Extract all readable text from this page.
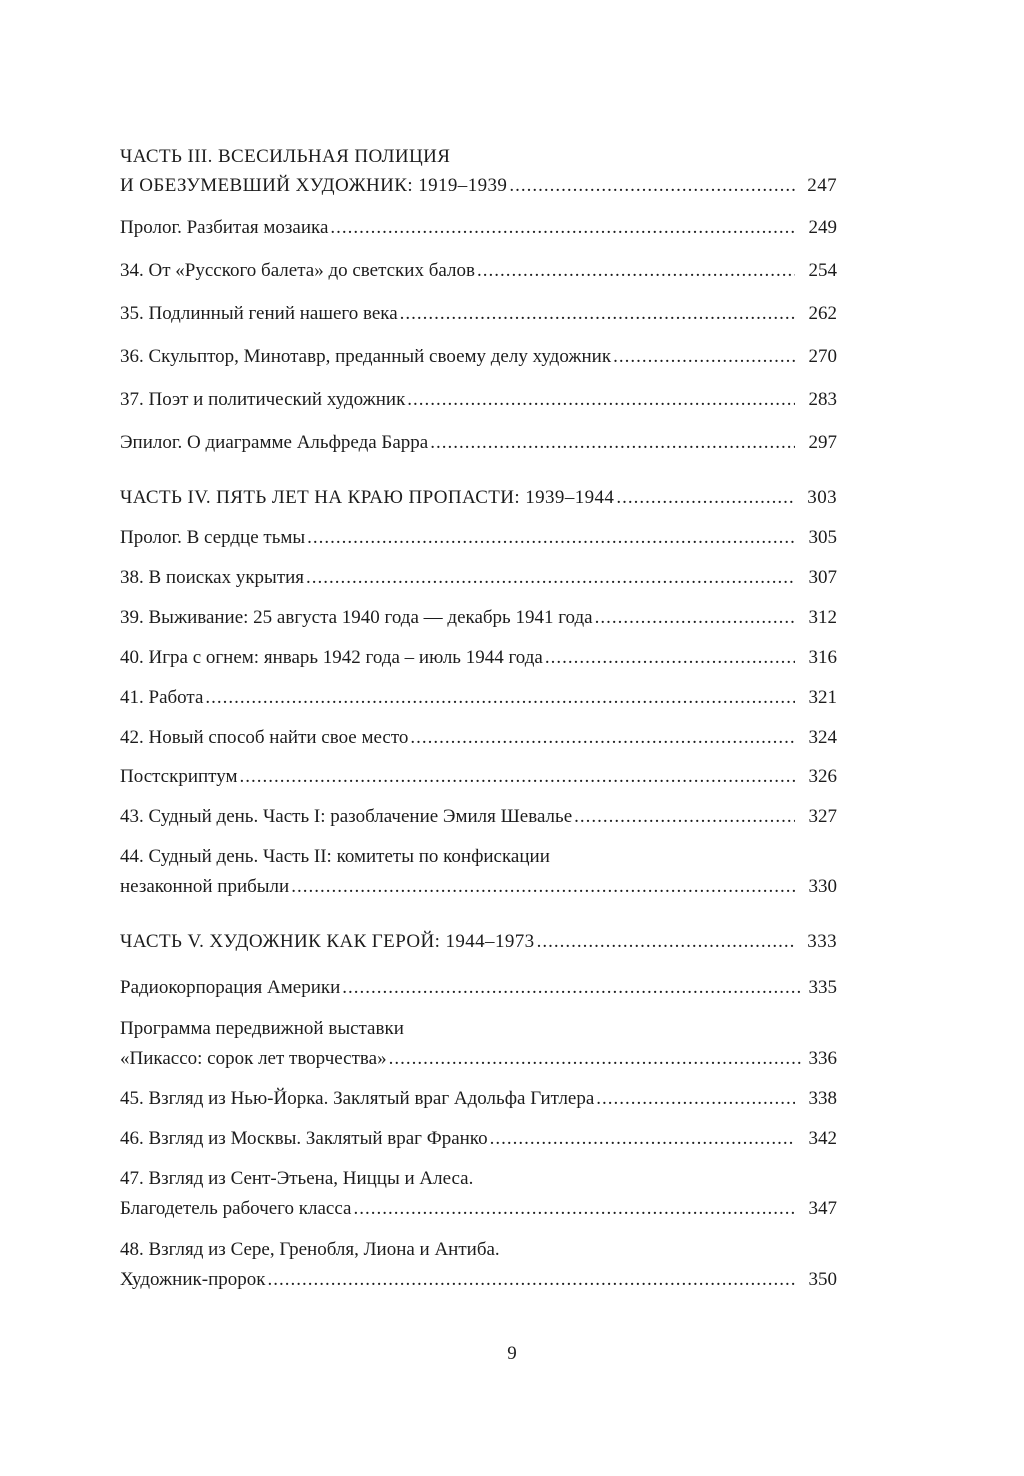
ЧАСТЬ III. ВСЕСИЛЬНАЯ ПОЛИЦИЯ
И ОБЕЗУМЕВШИЙ ХУДОЖНИК: 1919–1939 .....	247
Пролог. Разбитая мозаика .....	249
34. От «Русского балета» до светских балов .....	254
35. Подлинный гений нашего века .....	262
36. Скульптор, Минотавр, преданный своему делу художник .....	270
37. Поэт и политический художник .....	283
Эпилог. О диаграмме Альфреда Барра .....	297
ЧАСТЬ IV. ПЯТЬ ЛЕТ НА КРАЮ ПРОПАСТИ: 1939–1944 .....	303
Пролог. В сердце тьмы .....	305
38. В поисках укрытия .....	307
39. Выживание: 25 августа 1940 года — декабрь 1941 года .....	312
40. Игра с огнем: январь 1942 года – июль 1944 года .....	316
41. Работа .....	321
42. Новый способ найти свое место .....	324
Постскриптум .....	326
43. Судный день. Часть I: разоблачение Эмиля Шевалье .....	327
44. Судный день. Часть II: комитеты по конфискации
незаконной прибыли .....	330
ЧАСТЬ V. ХУДОЖНИК КАК ГЕРОЙ: 1944–1973 .....	333
Радиокорпорация Америки .....	335
Программа передвижной выставки
«Пикассо: сорок лет творчества» .....	336
45. Взгляд из Нью-Йорка. Заклятый враг Адольфа Гитлера .....	338
46. Взгляд из Москвы. Заклятый враг Франко .....	342
47. Взгляд из Сент-Этьена, Ниццы и Алеса.
Благодетель рабочего класса .....	347
48. Взгляд из Сере, Гренобля, Лиона и Антиба.
Художник-пророк .....	350
9
